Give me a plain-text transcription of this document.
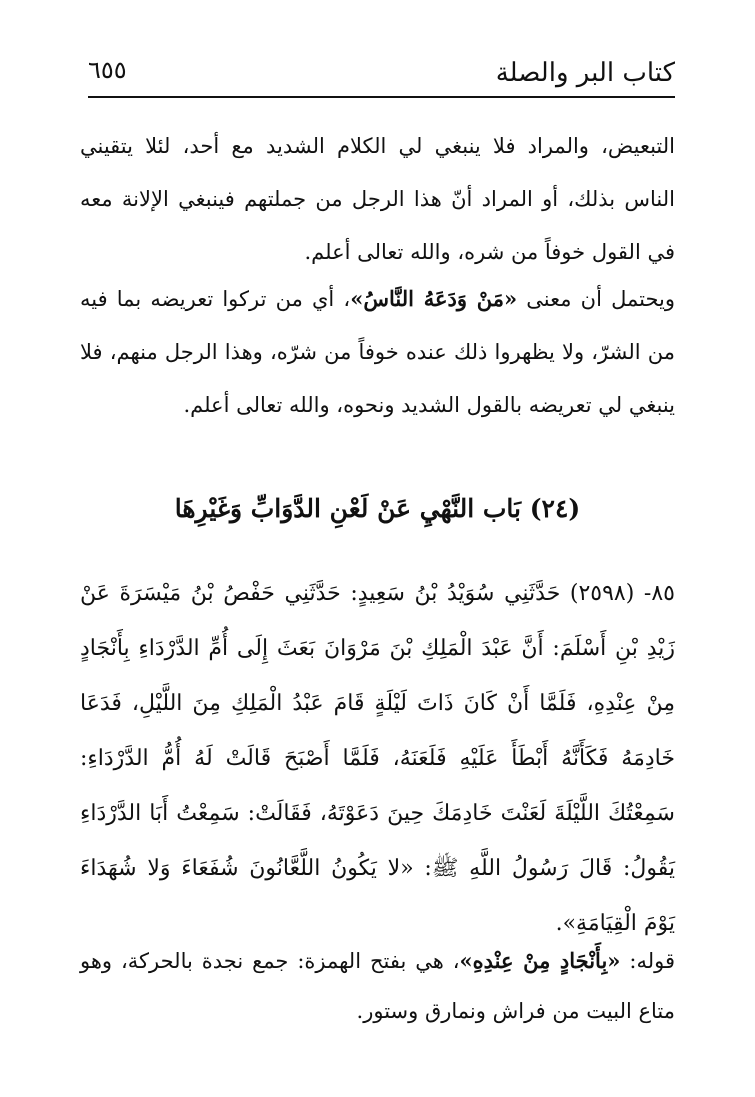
كتاب البر والصلة
٦٥٥
التبعيض، والمراد فلا ينبغي لي الكلام الشديد مع أحد، لئلا يتقيني الناس بذلك، أو المراد أنّ هذا الرجل من جملتهم فينبغي الإلانة معه في القول خوفاً من شره، والله تعالى أعلم.
ويحتمل أن معنى «مَنْ وَدَعَهُ النَّاسُ»، أي من تركوا تعريضه بما فيه من الشرّ، ولا يظهروا ذلك عنده خوفاً من شرّه، وهذا الرجل منهم، فلا ينبغي لي تعريضه بالقول الشديد ونحوه، والله تعالى أعلم.
(٢٤) بَاب النَّهْيِ عَنْ لَعْنِ الدَّوَابِّ وَغَيْرِهَا
٨٥- (٢٥٩٨) حَدَّثَنِي سُوَيْدُ بْنُ سَعِيدٍ: حَدَّثَنِي حَفْصُ بْنُ مَيْسَرَةَ عَنْ زَيْدِ بْنِ أَسْلَمَ: أَنَّ عَبْدَ الْمَلِكِ بْنَ مَرْوَانَ بَعَثَ إِلَى أُمِّ الدَّرْدَاءِ بِأَنْجَادٍ مِنْ عِنْدِهِ، فَلَمَّا أَنْ كَانَ ذَاتَ لَيْلَةٍ قَامَ عَبْدُ الْمَلِكِ مِنَ اللَّيْلِ، فَدَعَا خَادِمَهُ فَكَأَنَّهُ أَبْطَأَ عَلَيْهِ فَلَعَنَهُ، فَلَمَّا أَصْبَحَ قَالَتْ لَهُ أُمُّ الدَّرْدَاءِ: سَمِعْتُكَ اللَّيْلَةَ لَعَنْتَ خَادِمَكَ حِينَ دَعَوْتَهُ، فَقَالَتْ: سَمِعْتُ أَبَا الدَّرْدَاءِ يَقُولُ: قَالَ رَسُولُ اللَّهِ ﷺ: «لا يَكُونُ اللَّعَّانُونَ شُفَعَاءَ وَلا شُهَدَاءَ يَوْمَ الْقِيَامَةِ».
قوله: «بِأَنْجَادٍ مِنْ عِنْدِهِ»، هي بفتح الهمزة: جمع نجدة بالحركة، وهو متاع البيت من فراش ونمارق وستور.
